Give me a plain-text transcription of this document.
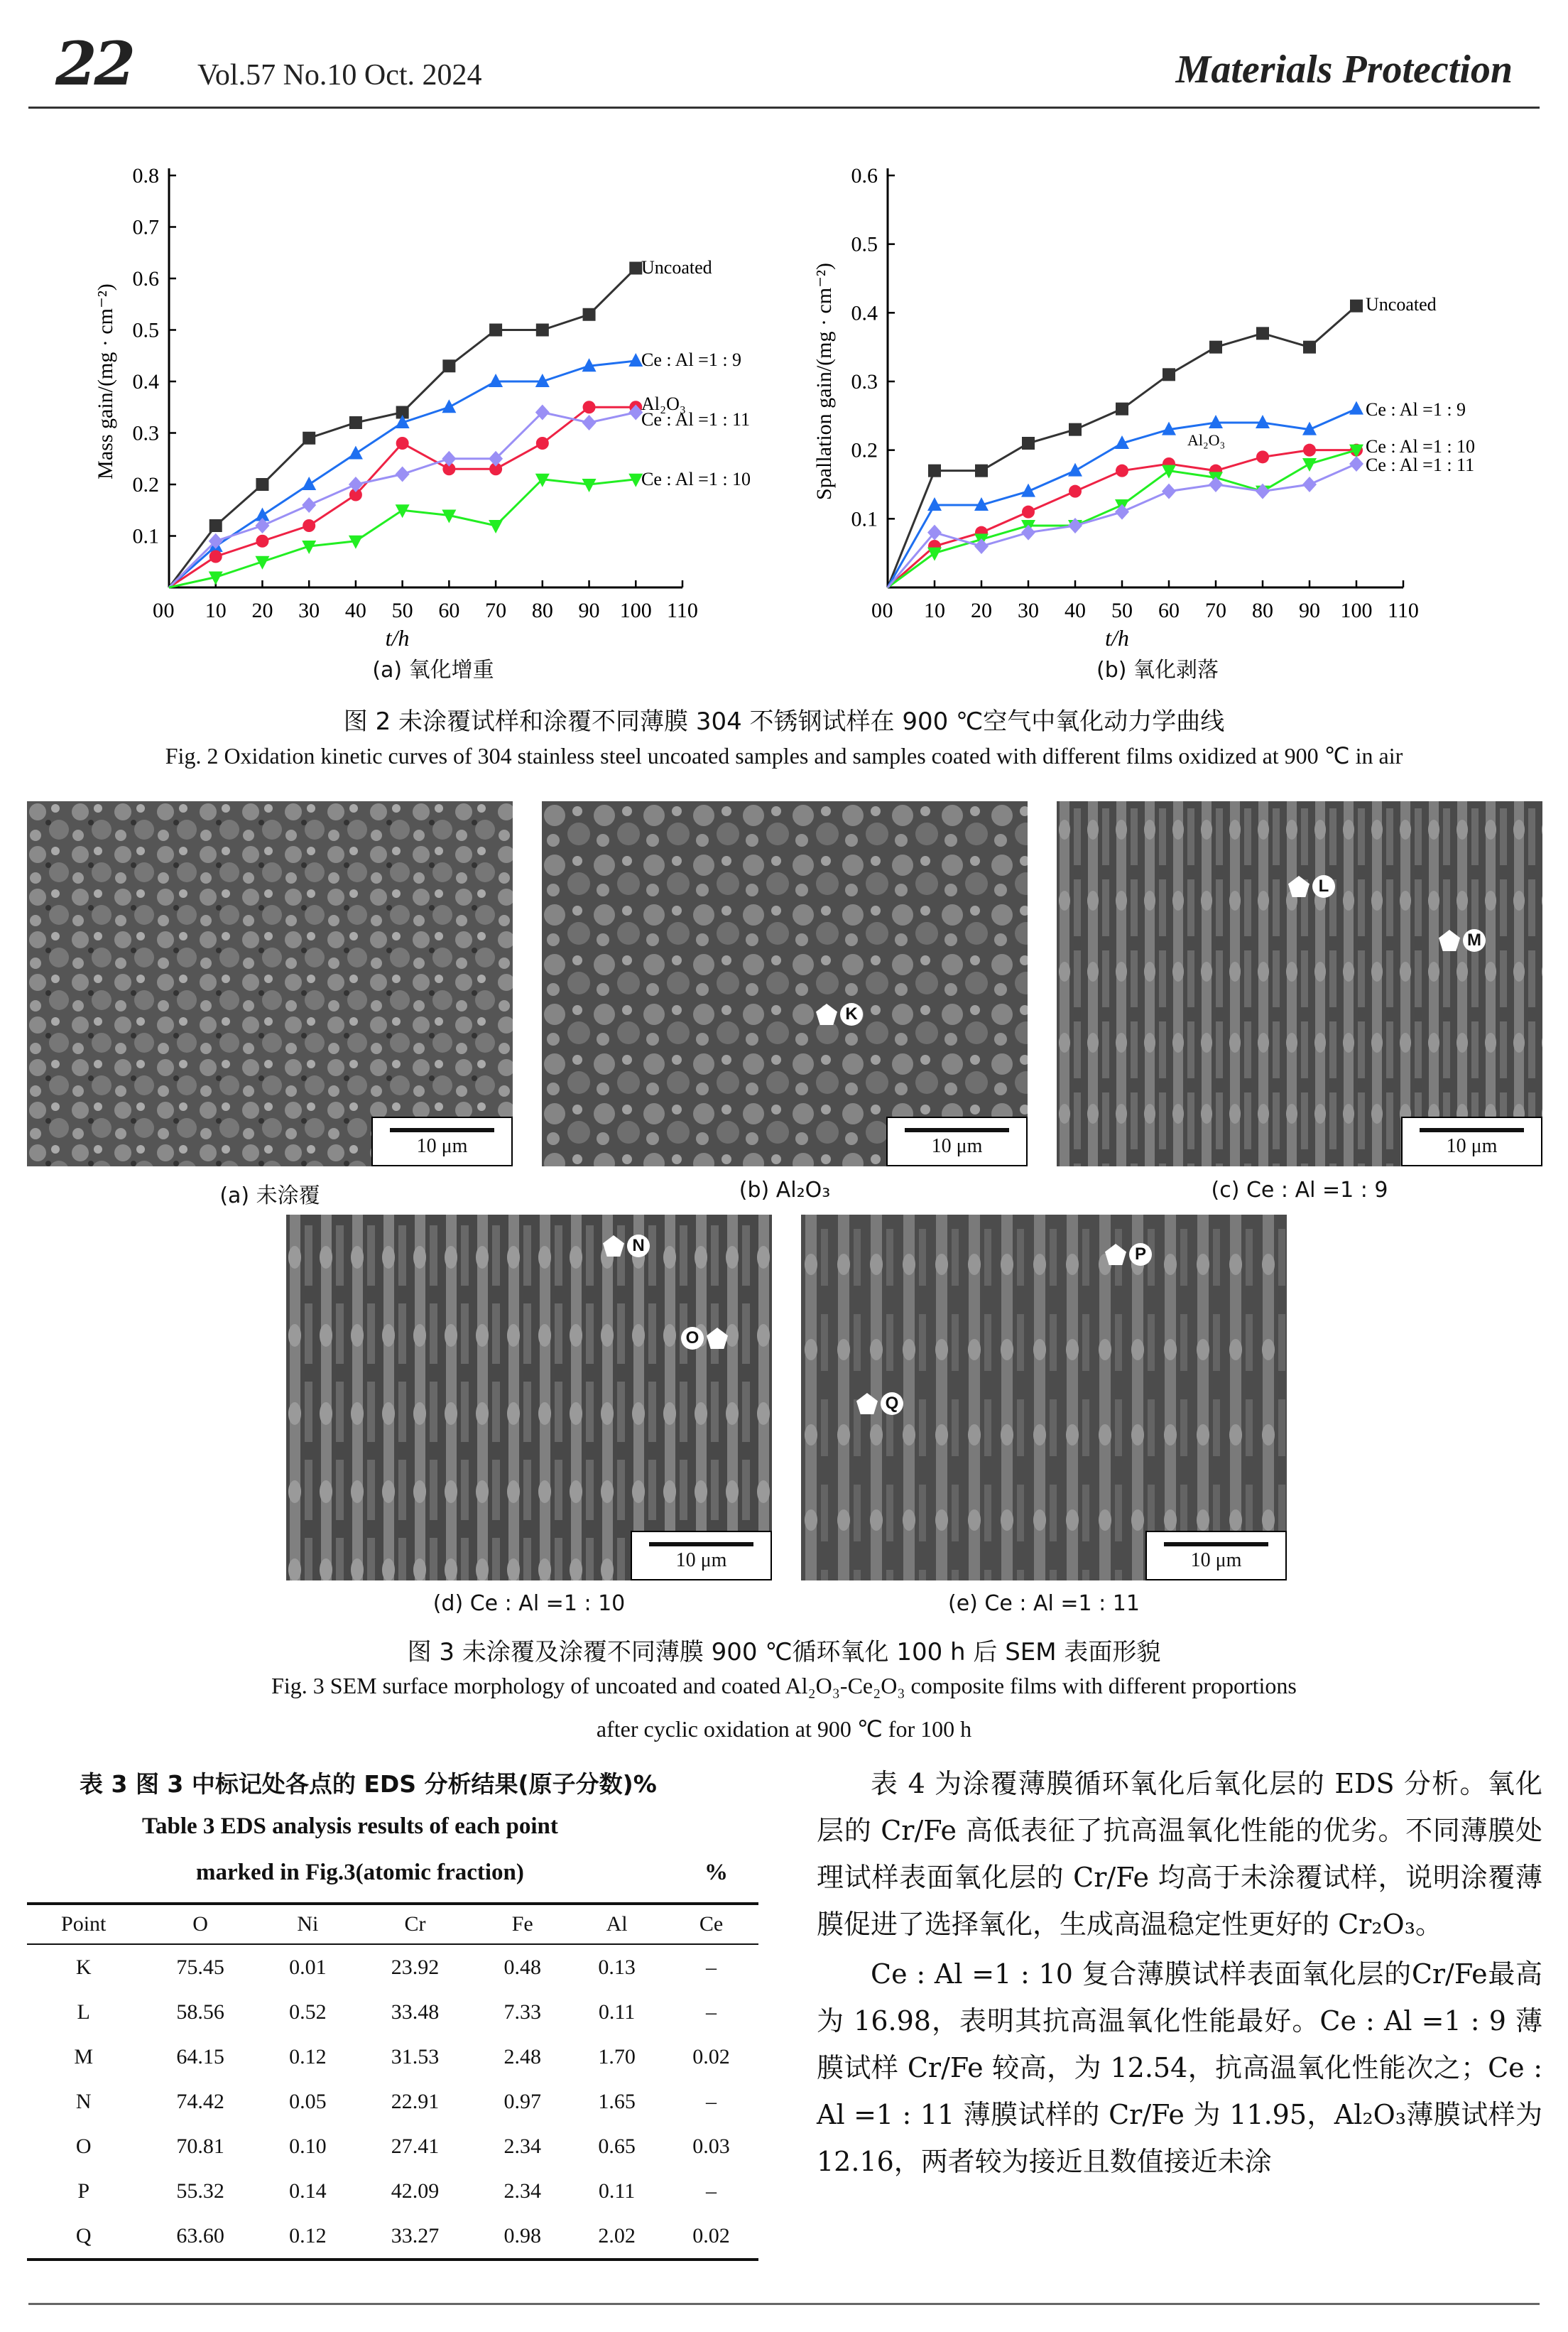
22 Vol.57 No.10 Oct. 2024	Materials Protection
0 10 20 30 40 50 60 70 80 90 100 110
0
0.1
0.2
0.3
0.4
0.5
0.6
0.7
0.8
t/h
Mass gain/(mg · cm⁻²)
Uncoated
Ce : Al =1 : 9
Al₂O₃
Ce : Al =1 : 11
Ce : Al =1 : 10
(a) 氧化增重
0 10 20 30 40 50 60 70 80 90 100 110
0
0.1
0.2
0.3
0.4
0.5
0.6
t/h
Spallation gain/(mg · cm⁻²)	Uncoated
Ce : Al =1 : 9
Al₂O₃	Ce : Al =1 : 10
Ce : Al =1 : 11
(b) 氧化剥落
图 2 未涂覆试样和涂覆不同薄膜 304 不锈钢试样在 900 ℃空气中氧化动力学曲线
Fig. 2 Oxidation kinetic curves of 304 stainless steel uncoated samples and samples coated with different films oxidized at 900 ℃ in air
10 μm
(a) 未涂覆
K
10 μm
(b) Al₂O₃
L
M
10 μm
(c) Ce : Al =1 : 9
N
O
10 μm
(d) Ce : Al =1 : 10
P
Q
10 μm
(e) Ce : Al =1 : 11
图 3 未涂覆及涂覆不同薄膜 900 ℃循环氧化 100 h 后 SEM 表面形貌
Fig. 3 SEM surface morphology of uncoated and coated Al₂O₃-Ce₂O₃ composite films with different proportions
after cyclic oxidation at 900 ℃ for 100 h
表 3 图 3 中标记处各点的 EDS 分析结果(原子分数)%
Table 3 EDS analysis results of each point
marked in Fig.3(atomic fraction)	%
Point	O	Ni	Cr	Fe	Al	Ce
K	75.45	0.01	23.92	0.48	0.13	–
L	58.56	0.52	33.48	7.33	0.11	–
M	64.15	0.12	31.53	2.48	1.70	0.02
N	74.42	0.05	22.91	0.97	1.65	–
O	70.81	0.10	27.41	2.34	0.65	0.03
P	55.32	0.14	42.09	2.34	0.11	–
Q	63.60	0.12	33.27	0.98	2.02	0.02

表 4 为涂覆薄膜循环氧化后氧化层的 EDS 分析。氧化层的 Cr/Fe 高低表征了抗高温氧化性能的优劣。不同薄膜处理试样表面氧化层的 Cr/Fe 均高于未涂覆试样，说明涂覆薄膜促进了选择氧化，生成高温稳定性更好的 Cr₂O₃。

Ce : Al =1 : 10 复合薄膜试样表面氧化层的Cr/Fe最高为 16.98，表明其抗高温氧化性能最好。Ce : Al =1 : 9 薄膜试样 Cr/Fe 较高，为 12.54，抗高温氧化性能次之；Ce : Al =1 : 11 薄膜试样的 Cr/Fe 为 11.95，Al₂O₃薄膜试样为12.16，两者较为接近且数值接近未涂
